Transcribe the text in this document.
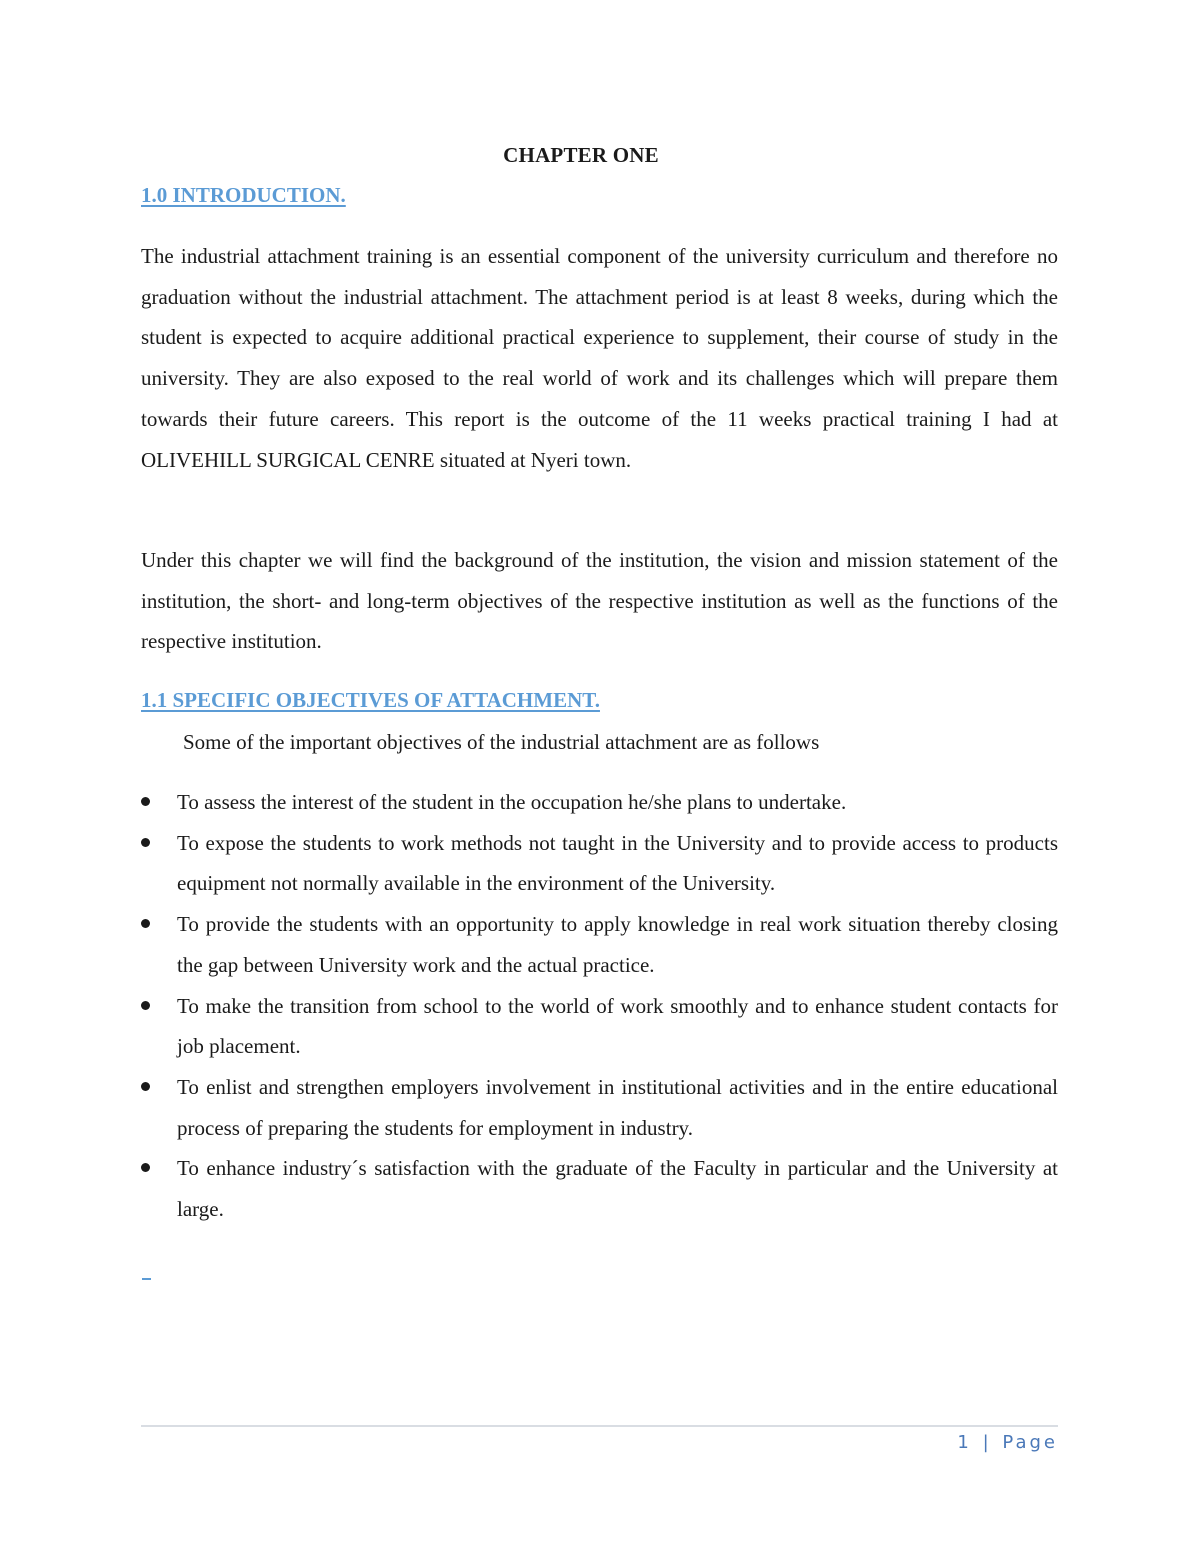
CHAPTER ONE
1.0 INTRODUCTION.

The industrial attachment training is an essential component of the university curriculum and therefore no graduation without the industrial attachment. The attachment period is at least 8 weeks, during which the student is expected to acquire additional practical experience to supplement, their course of study in the university. They are also exposed to the real world of work and its challenges which will prepare them towards their future careers. This report is the outcome of the 11 weeks practical training I had at OLIVEHILL SURGICAL CENRE situated at Nyeri town.

Under this chapter we will find the background of the institution, the vision and mission statement of the institution, the short- and long-term objectives of the respective institution as well as the functions of the respective institution.

1.1 SPECIFIC OBJECTIVES OF ATTACHMENT.
Some of the important objectives of the industrial attachment are as follows
To assess the interest of the student in the occupation he/she plans to undertake.
To expose the students to work methods not taught in the University and to provide access to products equipment not normally available in the environment of the University.
To provide the students with an opportunity to apply knowledge in real work situation thereby closing the gap between University work and the actual practice.
To make the transition from school to the world of work smoothly and to enhance student contacts for job placement.
To enlist and strengthen employers involvement in institutional activities and in the entire educational process of preparing the students for employment in industry.
To enhance industry´s satisfaction with the graduate of the Faculty in particular and the University at large.
1 | Page
